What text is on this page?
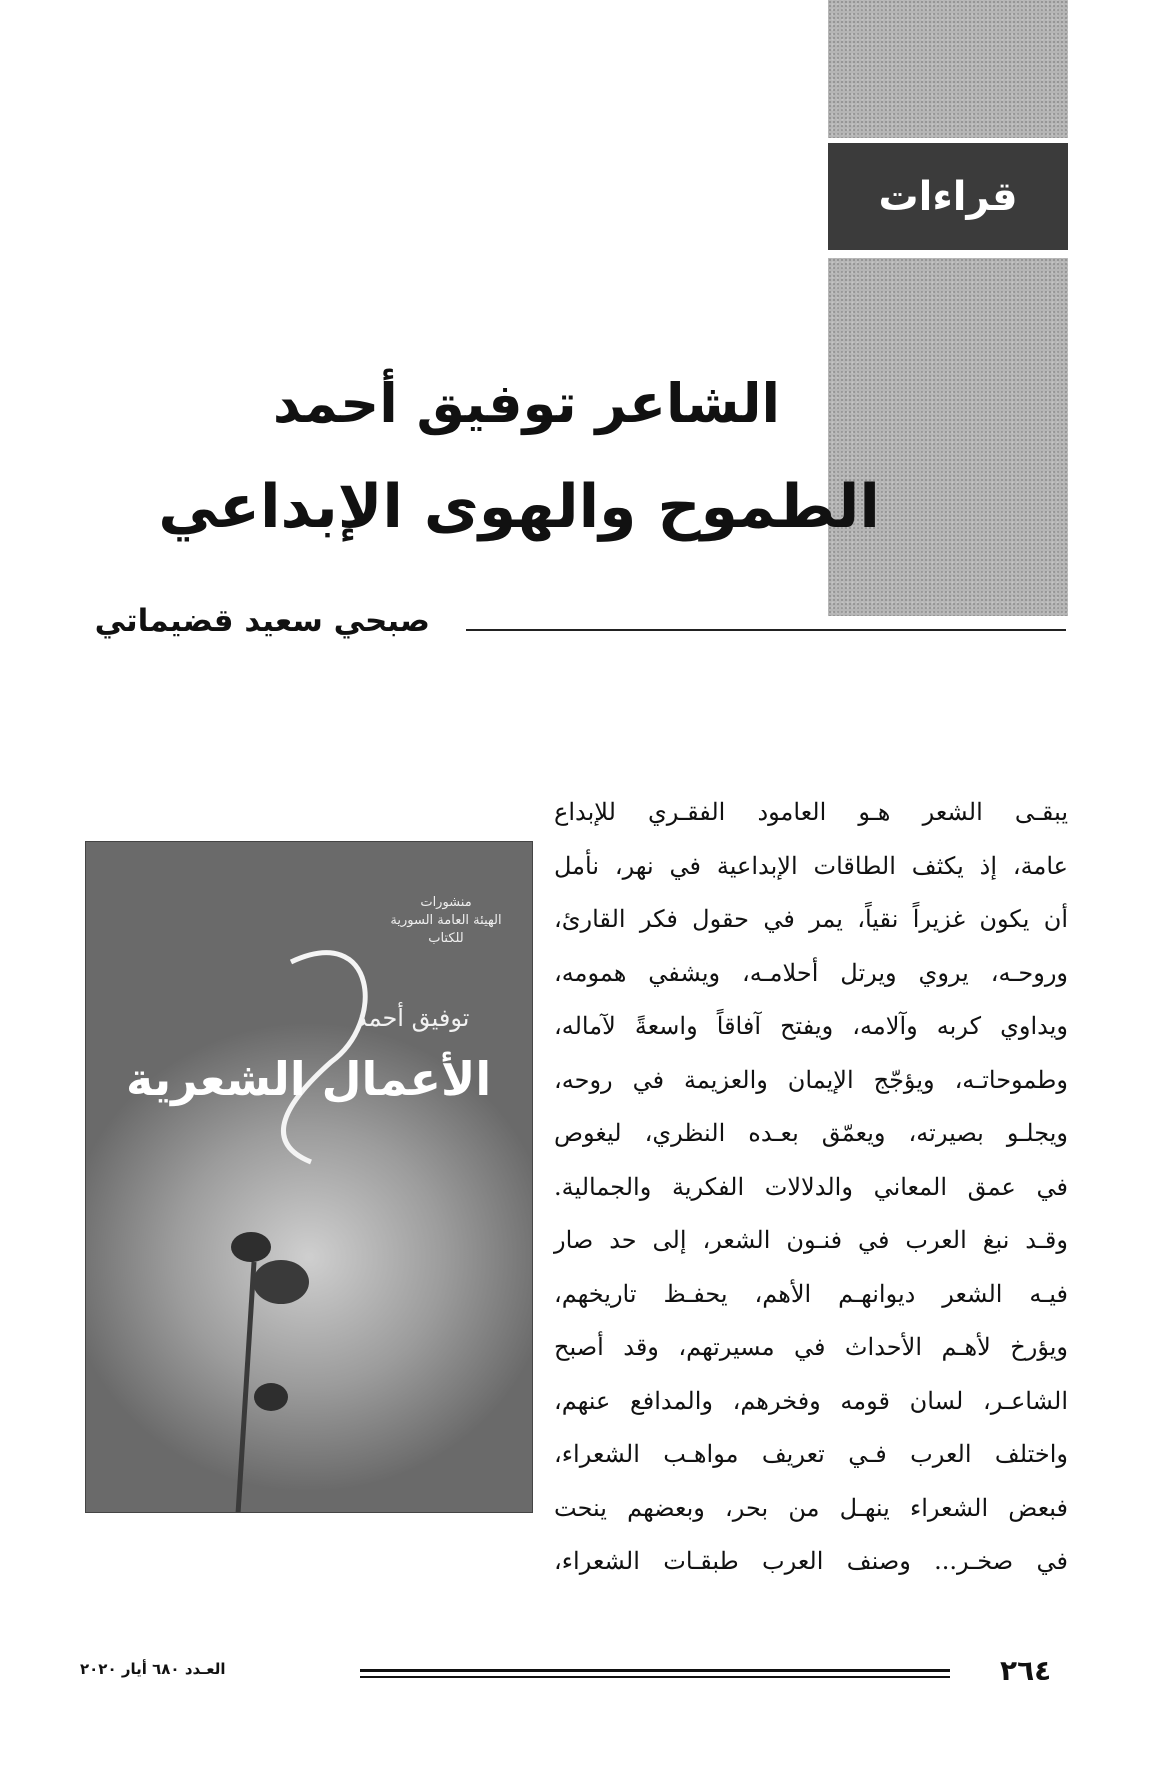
قراءات
الشاعر توفيق أحمد
الطموح والهوى الإبداعي
صبحي سعيد قضيماتي
منشورات
الهيئة العامة السورية للكتاب
توفيق أحمد
الأعمال الشعرية

يبقـى الشعر هـو العامود الفقـري للإبداع
عامة، إذ يكثف الطاقات الإبداعية في نهر، نأمل
أن يكون غزيراً نقياً، يمر في حقول فكر القارئ،
وروحـه، يروي ويرتل أحلامـه، ويشفي همومه،
ويداوي كربه وآلامه، ويفتح آفاقاً واسعةً لآماله،
وطموحاتـه، ويؤجّج الإيمان والعزيمة في روحه،
ويجلـو بصيرته، ويعمّق بعـده النظري، ليغوص
في عمق المعاني والدلالات الفكرية والجمالية.
وقـد نبغ العرب في فنـون الشعر، إلى حد صار
فيـه الشعر ديوانهـم الأهم، يحفـظ تاريخهم،
ويؤرخ لأهـم الأحداث في مسيرتهم، وقد أصبح
الشاعـر، لسان قومه وفخرهم، والمدافع عنهم،
واختلف العرب فـي تعريف مواهـب الشعراء،
فبعض الشعراء ينهـل من بحر، وبعضهم ينحت
في صخـر... وصنف العرب طبقـات الشعراء،

٢٦٤
العـدد ٦٨٠ أيار ٢٠٢٠
